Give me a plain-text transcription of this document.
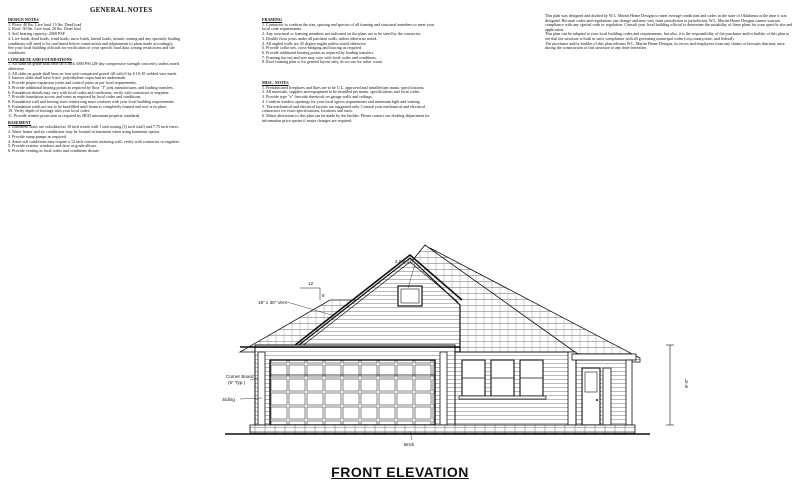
GENERAL NOTES
DESIGN NOTES
1. Floor: 40 lbs. Live load, 15 lbs. Dead load
2. Roof: 30 lbs. Live load, 20 lbs. Dead load
3. Soil bearing capacity: 2000 PSF
4. Live loads, dead loads, wind loads, snow loads, lateral loads, seismic zoning and any specialty loading
conditions will need to be confirmed before construction and adjustments to plans made accordingly.
See your local building officials for verification of your specific load data, zoning restrictions and site
conditions.
CONCRETE AND FOUNDATIONS
1. All slabs on grade shall bear on 4 inch 3000 PSI (28-day compressive strength concrete), unless noted
otherwise.
2. All slabs on grade shall bear on four inch compacted gravel fill with 6 by 6 10-10 welded wire mesh.
3. Interior slabs shall have 6 mil. polyethylene vapor barrier underneath.
4. Provide proper expansion joints and control joints as per local requirements.
5. Provide additional bearing points as required by floor "I" joist manufacturer, and loading transfers.
6. Foundation details may vary with local codes and conditions, verify with contractor or engineer.
7. Provide foundation access and vents as required by local codes and conditions.
8. Foundation wall and footing sizes reinforcing must conform with your local building requirements.
9. Foundation walls are not to be backfilled until house is completely framed and roof is in place.
10. Verify depth of footings with your local codes.
11. Provide termite protection as required by HUD minimum property standards.
BASEMENT
1. Basement stairs are calculated as 10 inch treads with 1 inch nosing (1) inch total) and 7.75 inch risers.
2. Water heater and air conditioner may be located in basement when using basement option.
3. Provide sump pumps as required.
4. Some soil conditions may require a 12 inch concrete retaining wall, verify with contractor or engineer.
5. Provide exterior windows and door as grade allows.
6. Provide venting as local codes and conditions dictate.
FRAMING
1. Contractor to confirm the size, spacing and species of all framing and structural members to meet your
local code requirements.
2. Any structural or framing members not indicated on the plans are to be sized by the contractor.
3. Double floor joists under all partition walls, unless otherwise noted.
4. All angled walls are 45 degree angles unless noted otherwise.
5. Provide collar ties, cross-bridging and bracing as required.
6. Provide additional bearing points as required by loading transfers.
7. Framing lay-out and size may vary with local codes and conditions.
8. Roof framing plan is for general layout only, do no use for rafter count.
MISC. NOTES
1. Prefabricated fireplaces and flues are to be U.L. approved and installed per manu. specifications.
2. All materials, supplies and equipment to be installed per manu. specifications and local codes.
3. Provide type "x" firecode sheetrock on garage walls and ceilings.
4. Confirm window openings for your local egress requirements and minimum light and venting.
5. The mechanical and electrical layouts are suggested only. Consult your mechanical and electrical
contractors for exact specifications, locations and sizes.
6. Minor alterations to this plan can be made by the builder. Please contact our drafting department for
information price quotes if major changes are required.
This plan was designed and drafted by W.L. Martin Home Designs to meet average conditions and codes in the state of Oklahoma at the time it was designed. Because codes and regulations can change and may vary from jurisdiction to jurisdiction, W.L. Martin Home Designs cannot warrant compliance with any special code or regulation. Consult your local building official to determine the suitability of these plans for your specific site and application.
This plan can be adapted to your local building codes and requirements, but also, it is the responsibility of the purchaser and/or builder of this plan to see that the structure is built in strict compliance with all governing municipal codes (city,county,state, and federal).
The purchaser and/or builder of this plan releases W.L. Martin Home Designs, its errors and employees from any claims or lawsuits that may arise during the construction of this structure or any time thereafter.
2.0 x 3.0
12
8
18" x 30" Vent
Corner Board
(6" Typ.)
Siding
Brick
9'-0"
FRONT ELEVATION
